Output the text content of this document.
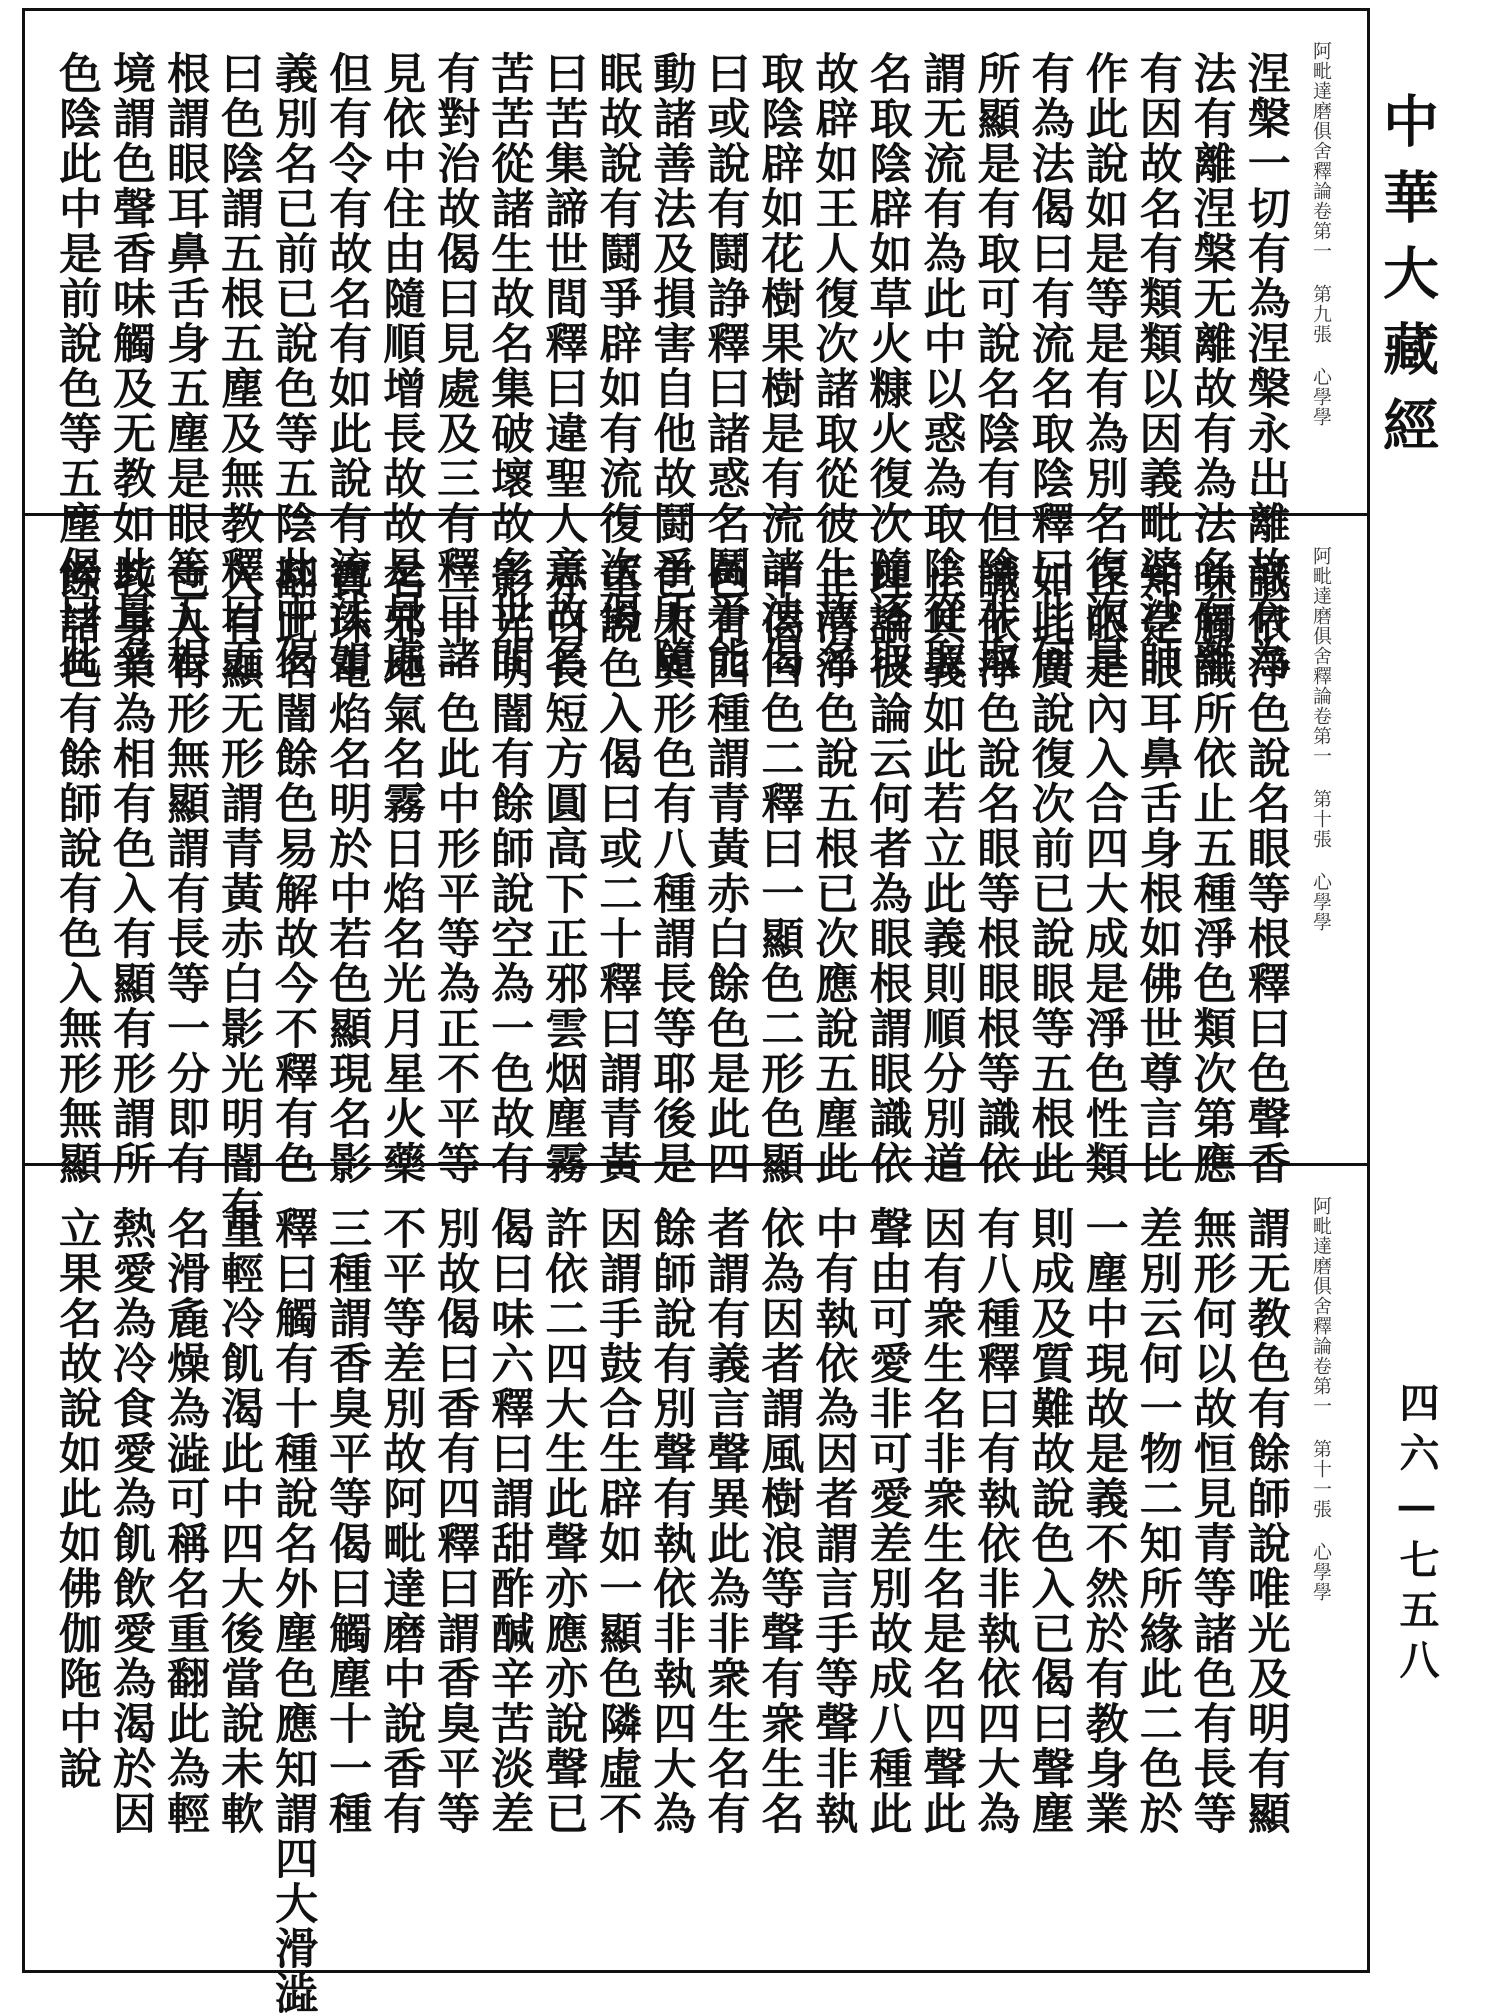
阿毗達磨俱舍釋論卷第一 第九張 心學學
涅槃一切有為涅槃永出離故有為
法有離涅槃无離故有為法名有離
有因故名有類類以因義毗婆沙師
作此說如是等是有為別名復次是
有為法偈曰有流名取陰釋曰此何
所顯是有取可說名陰有但陰非取
謂无流有為此中以惑為取陰從取
名取陰辟如草火糠火復次隨逐取
故辟如王人復次諸取從彼生故名
取陰辟如花樹果樹是有流諸法偈
曰或說有鬪諍釋曰諸惑名鬪爭能
動諸善法及損害自他故鬪爭所隨
眠故說有鬪爭辟如有流復次偈
曰苦集諦世間釋曰違聖人意故名
苦苦從諸生故名集破壞故名世間
有對治故偈曰見處及三有釋曰諸
見依中住由隨順增長故故是見處
但有令有故名有如此說有流法如
義別名已前已說色等五陰此中偈
曰色陰謂五根五塵及無教釋曰五
根謂眼耳鼻舌身五塵是眼等五根
境謂色聲香味觸及无教如此量名
色陰此中是前說色等五塵偈曰此
阿毗達磨俱舍釋論卷第一 第十張 心學學
識依淨色說名眼等根釋曰色聲香
味觸識所依止五種淨色類次第應
知是眼耳鼻舌身根如佛世尊言比
丘眼是內入合四大成是淨色性類
如此廣說復次前已說眼等五根此
識依淨色說名眼等根眼根等識依
止其義如此若立此義則順分別道
理論彼論云何者為眼根謂眼識依
止清淨色說五根已次應說五塵此
中偈曰色二釋曰一顯色二形色顯
色有四種謂青黃赤白餘色是此四
色未異形色有八種謂長等耶後是
重說色入偈曰或二十釋曰謂青黃
赤白長短方圓高下正邪雲烟塵霧
影光明闇有餘師說空為一色故有
二十一色此中形平等為正不平等
名邪地氣名霧日焰名光月星火藥
寶珠電焰名明於中若色顯現名影
翻此名闇餘色易解故今不釋有色
入有顯无形謂青黃赤白影光明闇有
色入有形無顯謂有長等一分即有
教身業為相有色入有顯有形謂所
餘諸色有餘師說有色入無形無顯
阿毗達磨俱舍釋論卷第一 第十一張 心學學
謂无教色有餘師說唯光及明有顯
無形何以故恒見青等諸色有長等
差別云何一物二知所緣此二色於
一塵中現故是義不然於有教身業
則成及質難故說色入已偈曰聲塵
有八種釋曰有執依非執依四大為
因有衆生名非衆生名是名四聲此
聲由可愛非可愛差別故成八種此
中有執依為因者謂言手等聲非執
依為因者謂風樹浪等聲有衆生名
者謂有義言聲異此為非衆生名有
餘師說有別聲有執依非執四大為
因謂手鼓合生辟如一顯色隣虛不
許依二四大生此聲亦應亦說聲已
偈曰味六釋曰謂甜酢醎辛苦淡差
別故偈曰香有四釋曰謂香臭平等
不平等差別故阿毗達磨中說香有
三種謂香臭平等偈曰觸塵十一種
釋曰觸有十種說名外塵色應知謂四大滑澁
重輕冷飢渴此中四大後當說未軟
名滑麁燥為澁可稱名重翻此為輕
熱愛為冷食愛為飢飲愛為渴於因
立果名故說如此如佛伽陁中說
中華大藏經
四六—七五八
